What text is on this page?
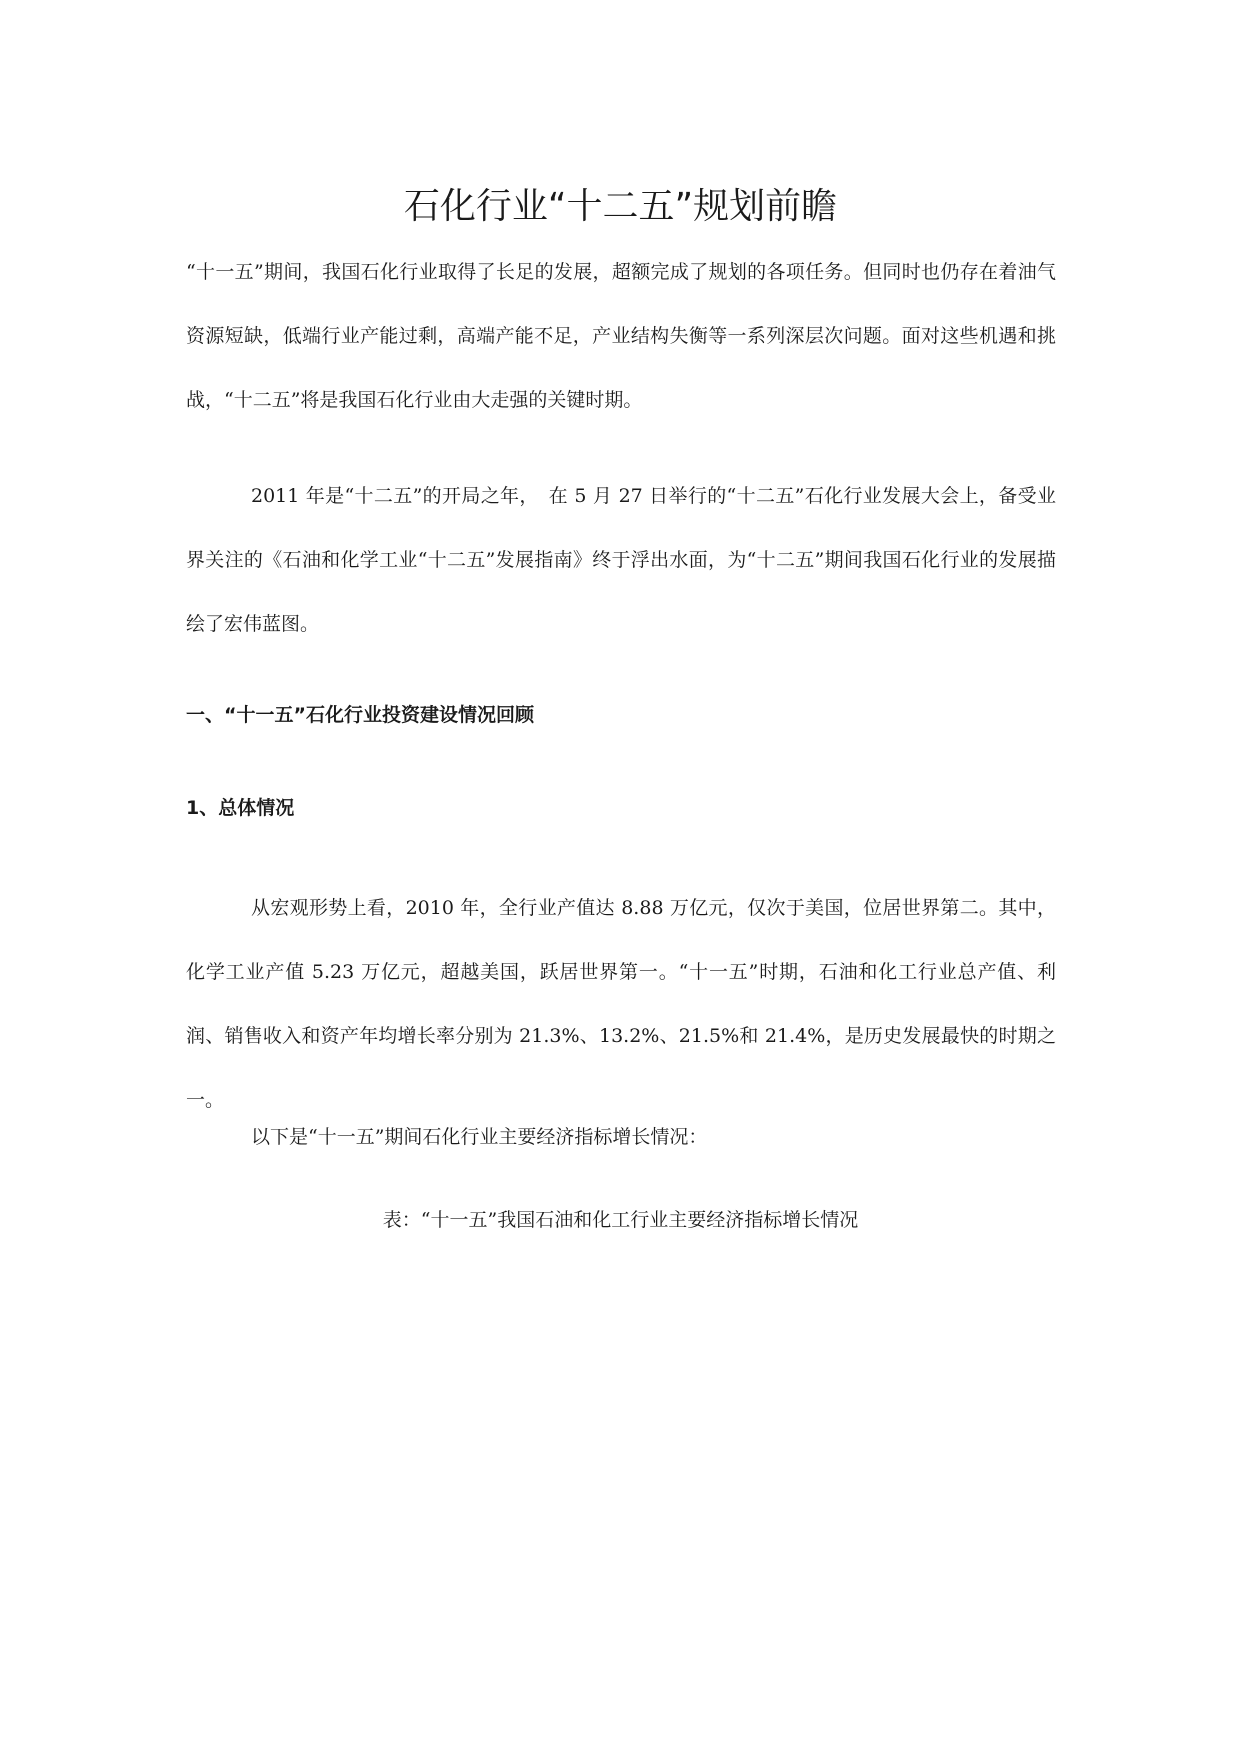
石化行业“十二五”规划前瞻

“十一五”期间，我国石化行业取得了长足的发展，超额完成了规划的各项任务。但同时也仍存在着油气资源短缺，低端行业产能过剩，高端产能不足，产业结构失衡等一系列深层次问题。面对这些机遇和挑战，“十二五”将是我国石化行业由大走强的关键时期。

2011 年是“十二五”的开局之年，　在 5 月 27 日举行的“十二五”石化行业发展大会上，备受业界关注的《石油和化学工业“十二五”发展指南》终于浮出水面，为“十二五”期间我国石化行业的发展描绘了宏伟蓝图。

一、“十一五”石化行业投资建设情况回顾
1、总体情况

从宏观形势上看，2010 年，全行业产值达 8.88 万亿元，仅次于美国，位居世界第二。其中，化学工业产值 5.23 万亿元，超越美国，跃居世界第一。“十一五”时期，石油和化工行业总产值、利润、销售收入和资产年均增长率分别为 21.3%、13.2%、21.5%和 21.4%，是历史发展最快的时期之一。

以下是“十一五”期间石化行业主要经济指标增长情况：

表：“十一五”我国石油和化工行业主要经济指标增长情况
